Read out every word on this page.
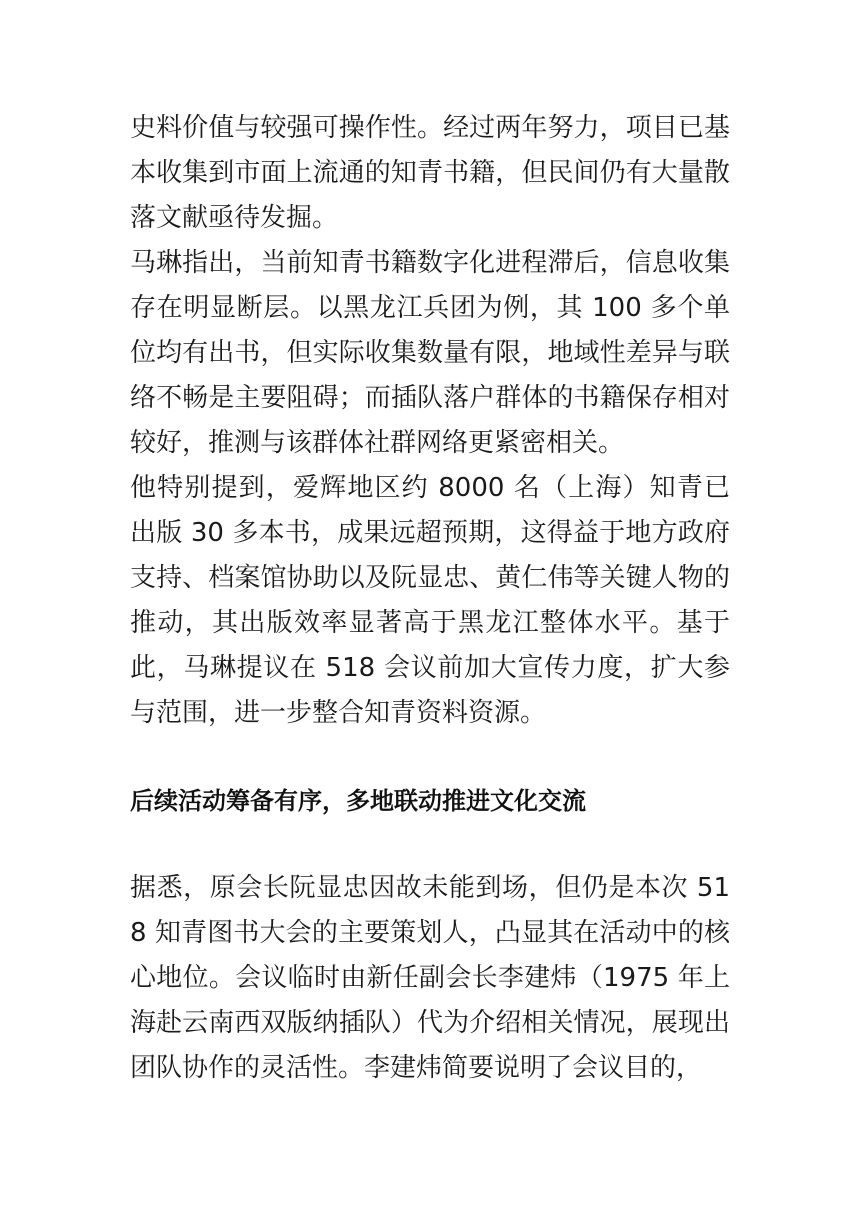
史料价值与较强可操作性。经过两年努力，项目已基本收集到市面上流通的知青书籍，但民间仍有大量散落文献亟待发掘。

马琳指出，当前知青书籍数字化进程滞后，信息收集存在明显断层。以黑龙江兵团为例，其 100 多个单位均有出书，但实际收集数量有限，地域性差异与联络不畅是主要阻碍；而插队落户群体的书籍保存相对较好，推测与该群体社群网络更紧密相关。

他特别提到，爱辉地区约 8000 名（上海）知青已出版 30 多本书，成果远超预期，这得益于地方政府支持、档案馆协助以及阮显忠、黄仁伟等关键人物的推动，其出版效率显著高于黑龙江整体水平。基于此，马琳提议在 518 会议前加大宣传力度，扩大参与范围，进一步整合知青资料资源。

后续活动筹备有序，多地联动推进文化交流

据悉，原会长阮显忠因故未能到场，但仍是本次 518 知青图书大会的主要策划人，凸显其在活动中的核心地位。会议临时由新任副会长李建炜（1975 年上海赴云南西双版纳插队）代为介绍相关情况，展现出团队协作的灵活性。李建炜简要说明了会议目的，
